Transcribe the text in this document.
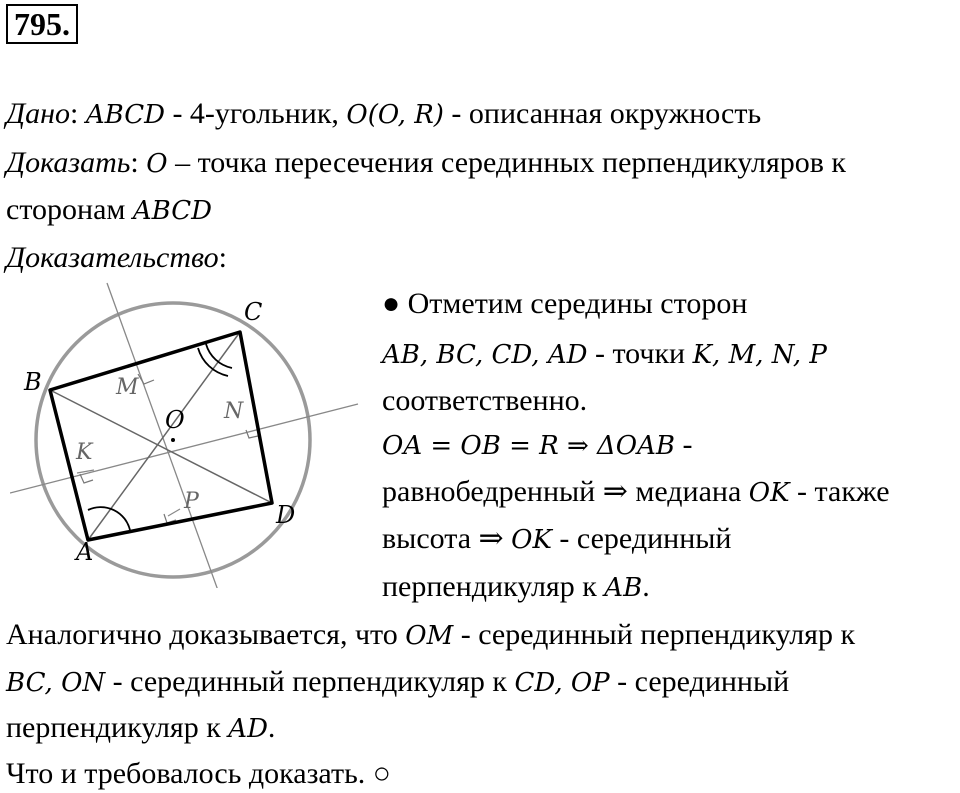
795.
Дано: ABCD - 4-угольник, O(O, R) - описанная окружность
Доказать: O – точка пересечения серединных перпендикуляров к
сторонам ABCD
Доказательство:
B
C
D
A
O
M
N
K
P
● Отметим середины сторон
AB, BC, CD, AD - точки K, M, N, P
соответственно.
OA = OB = R ⇒ ΔOAB -
равнобедренный ⇒ медиана OK - также
высота ⇒ OK - серединный
перпендикуляр к AB.
Аналогично доказывается, что OM - серединный перпендикуляр к
BC, ON - серединный перпендикуляр к CD, OP - серединный
перпендикуляр к AD.
Что и требовалось доказать. ○
